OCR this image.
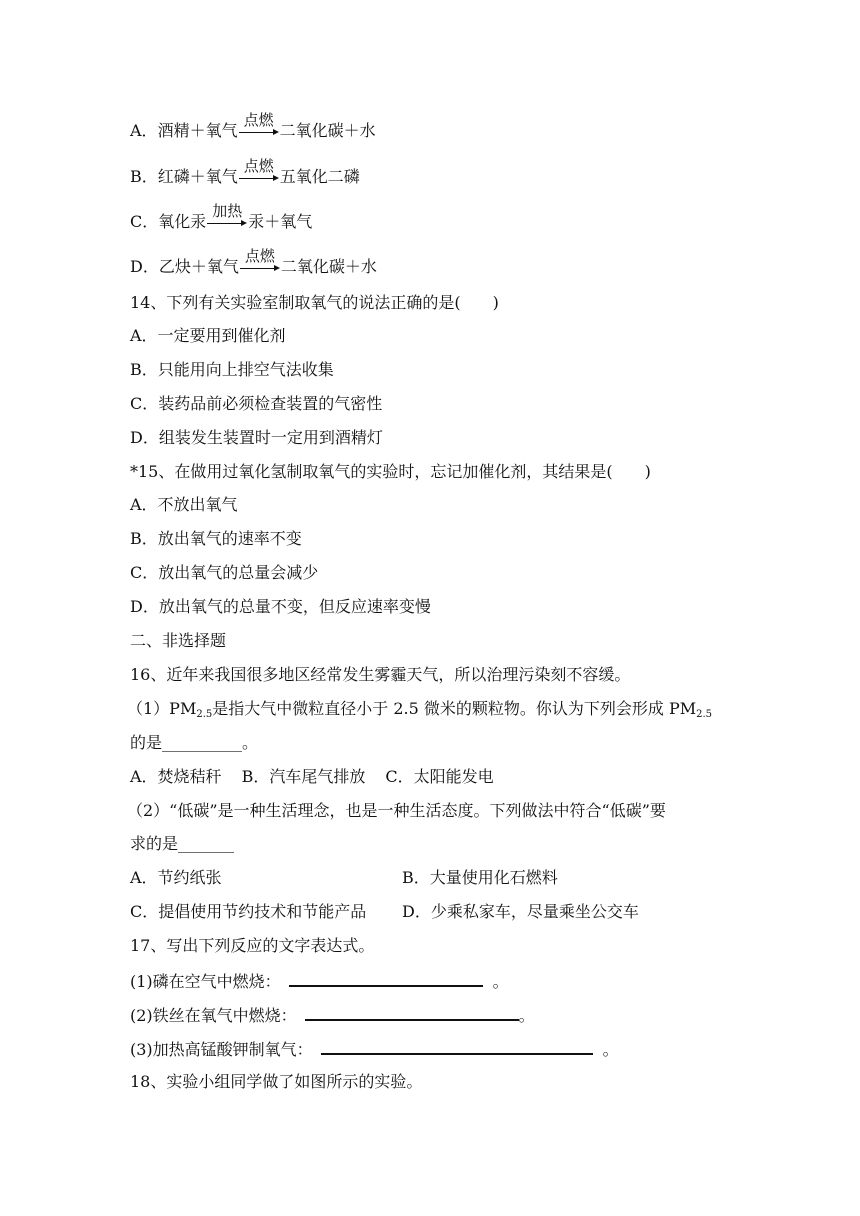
A．酒精＋氧气
点燃
二氧化碳＋水
B．红磷＋氧气
点燃
五氧化二磷
C．氧化汞
加热
汞＋氧气
D．乙炔＋氧气
点燃
二氧化碳＋水
14、下列有关实验室制取氧气的说法正确的是(　　)
A．一定要用到催化剂
B．只能用向上排空气法收集
C．装药品前必须检查装置的气密性
D．组装发生装置时一定用到酒精灯
*15、在做用过氧化氢制取氧气的实验时，忘记加催化剂，其结果是(　　)
A．不放出氧气
B．放出氧气的速率不变
C．放出氧气的总量会减少
D．放出氧气的总量不变，但反应速率变慢
二、非选择题
16、近年来我国很多地区经常发生雾霾天气，所以治理污染刻不容缓。
$(1)PM_{2.5}$是指大气中微粒直径小于 2.5 微米的颗粒物。你认为下列会形成 $PM_{2.5}$
的是__________。
A．焚烧秸秆 B．汽车尾气排放 C．太阳能发电
（2）“低碳”是一种生活理念，也是一种生活态度。下列做法中符合“低碳”要
求的是_______
A．节约纸张	B．大量使用化石燃料
C．提倡使用节约技术和节能产品 D．少乘私家车，尽量乘坐公交车
17、写出下列反应的文字表达式。
(1)磷在空气中燃烧：	。
(2)铁丝在氧气中燃烧：	。
(3)加热高锰酸钾制氧气：	。
18、实验小组同学做了如图所示的实验。
